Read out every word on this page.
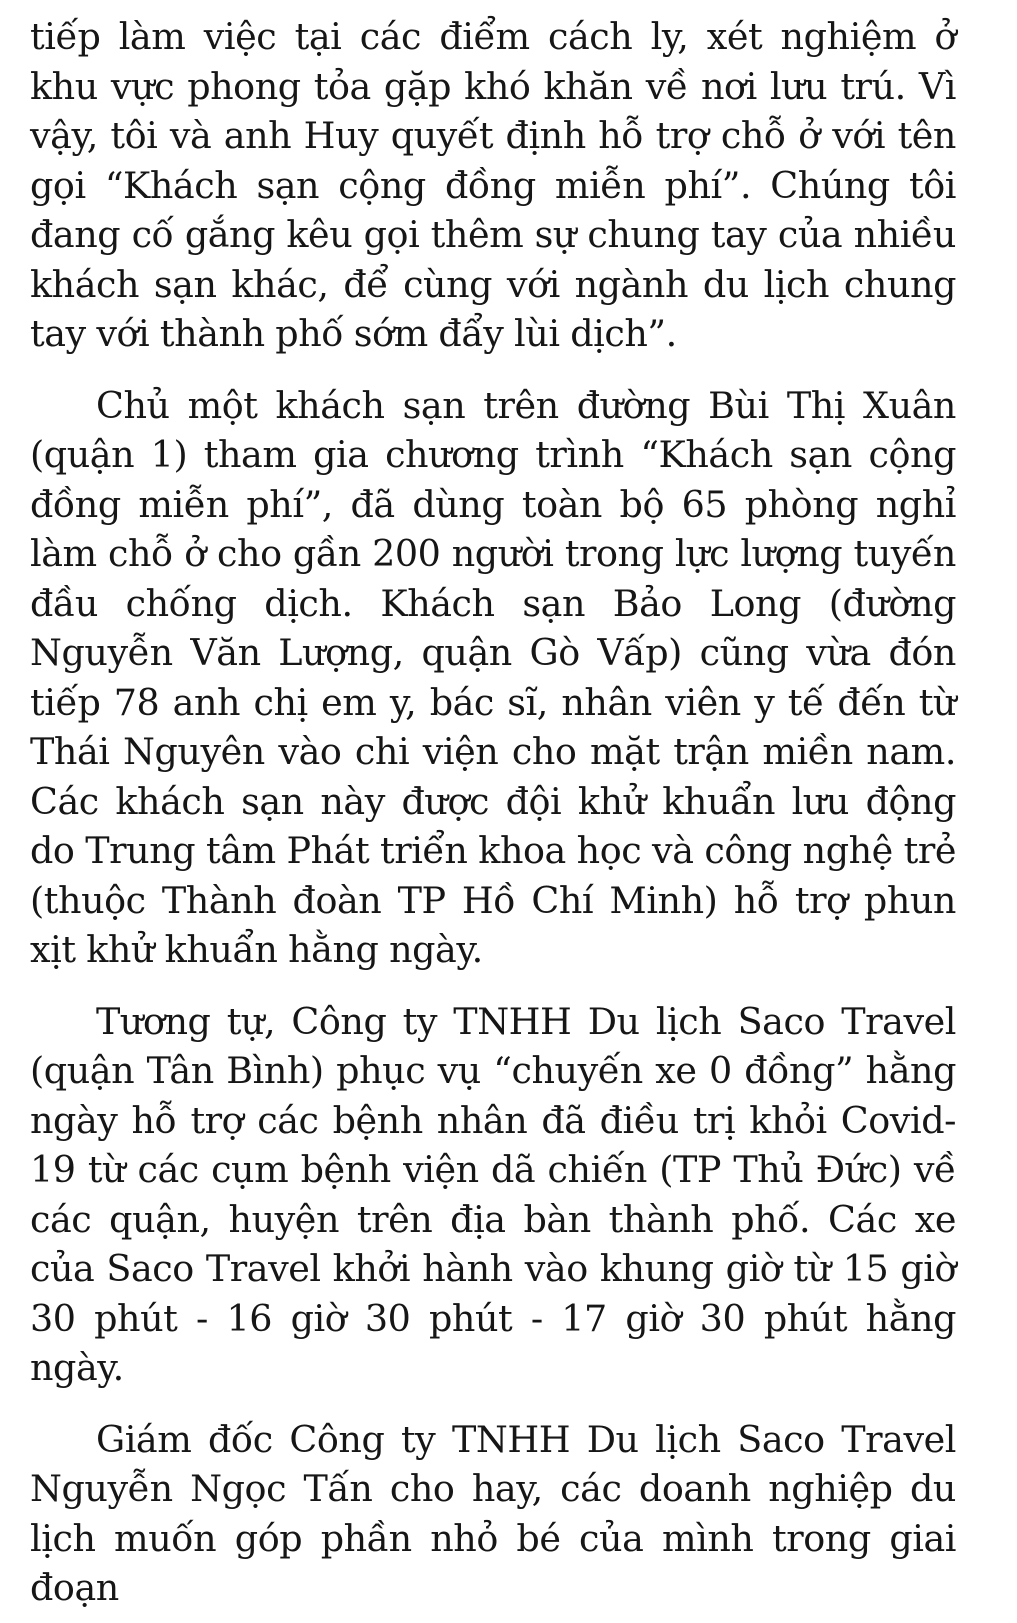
tiếp làm việc tại các điểm cách ly, xét nghiệm ở khu vực phong tỏa gặp khó khăn về nơi lưu trú. Vì vậy, tôi và anh Huy quyết định hỗ trợ chỗ ở với tên gọi “Khách sạn cộng đồng miễn phí”. Chúng tôi đang cố gắng kêu gọi thêm sự chung tay của nhiều khách sạn khác, để cùng với ngành du lịch chung tay với thành phố sớm đẩy lùi dịch”.

Chủ một khách sạn trên đường Bùi Thị Xuân (quận 1) tham gia chương trình “Khách sạn cộng đồng miễn phí”, đã dùng toàn bộ 65 phòng nghỉ làm chỗ ở cho gần 200 người trong lực lượng tuyến đầu chống dịch. Khách sạn Bảo Long (đường Nguyễn Văn Lượng, quận Gò Vấp) cũng vừa đón tiếp 78 anh chị em y, bác sĩ, nhân viên y tế đến từ Thái Nguyên vào chi viện cho mặt trận miền nam. Các khách sạn này được đội khử khuẩn lưu động do Trung tâm Phát triển khoa học và công nghệ trẻ (thuộc Thành đoàn TP Hồ Chí Minh) hỗ trợ phun xịt khử khuẩn hằng ngày.

Tương tự, Công ty TNHH Du lịch Saco Travel (quận Tân Bình) phục vụ “chuyến xe 0 đồng” hằng ngày hỗ trợ các bệnh nhân đã điều trị khỏi Covid-19 từ các cụm bệnh viện dã chiến (TP Thủ Đức) về các quận, huyện trên địa bàn thành phố. Các xe của Saco Travel khởi hành vào khung giờ từ 15 giờ 30 phút - 16 giờ 30 phút - 17 giờ 30 phút hằng ngày.

Giám đốc Công ty TNHH Du lịch Saco Travel Nguyễn Ngọc Tấn cho hay, các doanh nghiệp du lịch muốn góp phần nhỏ bé của mình trong giai đoạn
